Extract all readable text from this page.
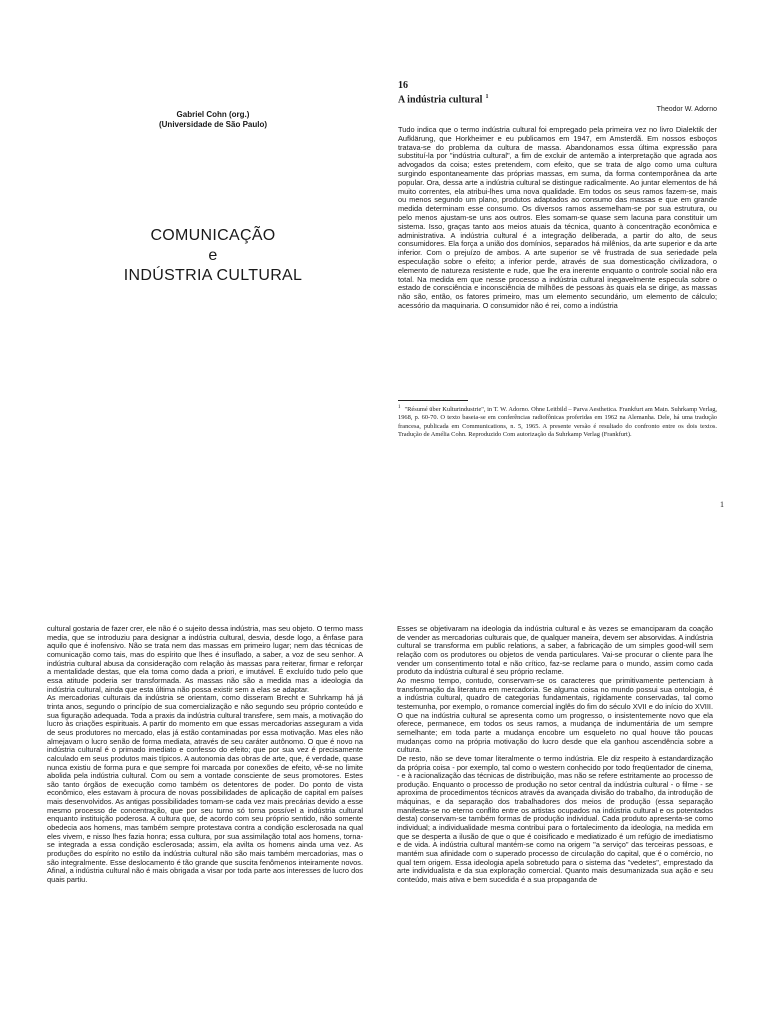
Gabriel Cohn (org.)
(Universidade de São Paulo)
COMUNICAÇÃO
e
INDÚSTRIA CULTURAL
16
A indústria cultural $^1$
Theodor W. Adorno

Tudo indica que o termo indústria cultural foi empregado pela primeira vez no livro Dialektik der Aufklärung, que Horkheimer e eu publicamos em 1947, em Amsterdã. Em nossos esboços tratava-se do problema da cultura de massa. Abandonamos essa última expressão para substituí-la por "indústria cultural", a fim de excluir de antemão a interpretação que agrada aos advogados da coisa; estes pretendem, com efeito, que se trata de algo como uma cultura surgindo espontaneamente das próprias massas, em suma, da forma contemporânea da arte popular. Ora, dessa arte a indústria cultural se distingue radicalmente. Ao juntar elementos de há muito correntes, ela atribui-lhes uma nova qualidade. Em todos os seus ramos fazem-se, mais ou menos segundo um plano, produtos adaptados ao consumo das massas e que em grande medida determinam esse consumo. Os diversos ramos assemelham-se por sua estrutura, ou pelo menos ajustam-se uns aos outros. Eles somam-se quase sem lacuna para constituir um sistema. Isso, graças tanto aos meios atuais da técnica, quanto à concentração econômica e administrativa. A indústria cultural é a integração deliberada, a partir do alto, de seus consumidores. Ela força a união dos domínios, separados há milênios, da arte superior e da arte inferior. Com o prejuízo de ambos. A arte superior se vê frustrada de sua seriedade pela especulação sobre o efeito; a inferior perde, através de sua domesticação civilizadora, o elemento de natureza resistente e rude, que lhe era inerente enquanto o controle social não era total. Na medida em que nesse processo a indústria cultural inegavelmente especula sobre o estado de consciência e inconsciência de milhões de pessoas às quais ela se dirige, as massas não são, então, os fatores primeiro, mas um elemento secundário, um elemento de cálculo; acessório da maquinaria. O consumidor não é rei, como a indústria

$^1$ "Résumé über Kulturindustrie", in T. W. Adorno. Ohne Leitbild – Parva Aesthetica. Frankfurt am Main. Suhrkamp Verlag, 1968, p. 60-70. O texto baseia-se em conferências radiofônicas proferidas em 1962 na Alemanha. Dele, há uma tradução francesa, publicada em Communications, n. 5, 1965. A presente versão é resultado do confronto entre os dois textos. Tradução de Amélia Cohn. Reproduzido Com autorização da Suhrkamp Verlag (Frankfurt).
1

cultural gostaria de fazer crer, ele não é o sujeito dessa indústria, mas seu objeto. O termo mass media, que se introduziu para designar a indústria cultural, desvia, desde logo, a ênfase para aquilo que é inofensivo. Não se trata nem das massas em primeiro lugar; nem das técnicas de comunicação como tais, mas do espírito que lhes é insuflado, a saber, a voz de seu senhor. A indústria cultural abusa da consideração com relação às massas para reiterar, firmar e reforçar a mentalidade destas, que ela toma como dada a priori, e imutável. É excluído tudo pelo que essa atitude poderia ser transformada. As massas não são a medida mas a ideologia da indústria cultural, ainda que esta última não possa existir sem a elas se adaptar.

As mercadorias culturais da indústria se orientam, como disseram Brecht e Suhrkamp há já trinta anos, segundo o princípio de sua comercialização e não segundo seu próprio conteúdo e sua figuração adequada. Toda a praxis da indústria cultural transfere, sem mais, a motivação do lucro às criações espirituais. A partir do momento em que essas mercadorias asseguram a vida de seus produtores no mercado, elas já estão contaminadas por essa motivação. Mas eles não almejavam o lucro senão de forma mediata, através de seu caráter autônomo. O que é novo na indústria cultural é o primado imediato e confesso do efeito; que por sua vez é precisamente calculado em seus produtos mais típicos. A autonomia das obras de arte, que, é verdade, quase nunca existiu de forma pura e que sempre foi marcada por conexões de efeito, vê-se no limite abolida pela indústria cultural. Com ou sem a vontade consciente de seus promotores. Estes são tanto órgãos de execução como também os detentores de poder. Do ponto de vista econômico, eles estavam à procura de novas possibilidades de aplicação de capital em países mais desenvolvidos. As antigas possibilidades tornam-se cada vez mais precárias devido a esse mesmo processo de concentração, que por seu turno só torna possível a indústria cultural enquanto instituição poderosa. A cultura que, de acordo com seu próprio sentido, não somente obedecia aos homens, mas também sempre protestava contra a condição esclerosada na qual eles vivem, e nisso lhes fazia honra; essa cultura, por sua assimilação total aos homens, torna-se integrada a essa condição esclerosada; assim, ela avilta os homens ainda uma vez. As produções do espírito no estilo da indústria cultural não são mais também mercadorias, mas o são integralmente. Esse deslocamento é tão grande que suscita fenômenos inteiramente novos. Afinal, a indústria cultural não é mais obrigada a visar por toda parte aos interesses de lucro dos quais partiu.

Esses se objetivaram na ideologia da indústria cultural e às vezes se emanciparam da coação de vender as mercadorias culturais que, de qualquer maneira, devem ser absorvidas. A indústria cultural se transforma em public relations, a saber, a fabricação de um simples good-will sem relação com os produtores ou objetos de venda particulares. Vai-se procurar o cliente para lhe vender um consentimento total e não crítico, faz-se reclame para o mundo, assim como cada produto da indústria cultural é seu próprio reclame.

Ao mesmo tempo, contudo, conservam-se os caracteres que primitivamente pertenciam à transformação da literatura em mercadoria. Se alguma coisa no mundo possui sua ontologia, é a indústria cultural, quadro de categorias fundamentais, rigidamente conservadas, tal como testemunha, por exemplo, o romance comercial inglês do fim do século XVII e do início do XVIII. O que na indústria cultural se apresenta como um progresso, o insistentemente novo que ela oferece, permanece, em todos os seus ramos, a mudança de indumentária de um sempre semelhante; em toda parte a mudança encobre um esqueleto no qual houve tão poucas mudanças como na própria motivação do lucro desde que ela ganhou ascendência sobre a cultura.

De resto, não se deve tomar literalmente o termo indústria. Ele diz respeito à estandardização da própria coisa - por exemplo, tal como o western conhecido por todo freqüentador de cinema, - e à racionalização das técnicas de distribuição, mas não se refere estritamente ao processo de produção. Enquanto o processo de produção no setor central da indústria cultural - o filme - se aproxima de procedimentos técnicos através da avançada divisão do trabalho, da introdução de máquinas, e da separação dos trabalhadores dos meios de produção (essa separação manifesta-se no eterno conflito entre os artistas ocupados na indústria cultural e os potentados desta) conservam-se também formas de produção individual. Cada produto apresenta-se como individual; a individualidade mesma contribui para o fortalecimento da ideologia, na medida em que se desperta a ilusão de que o que é coisificado e mediatizado é um refúgio de imediatismo e de vida. A indústria cultural mantém-se como na origem "a serviço" das terceiras pessoas, e mantém sua afinidade com o superado processo de circulação do capital, que é o comércio, no qual tem origem. Essa ideologia apela sobretudo para o sistema das "vedetes", emprestado da arte individualista e da sua exploração comercial. Quanto mais desumanizada sua ação e seu conteúdo, mais ativa e bem sucedida é a sua propaganda de
